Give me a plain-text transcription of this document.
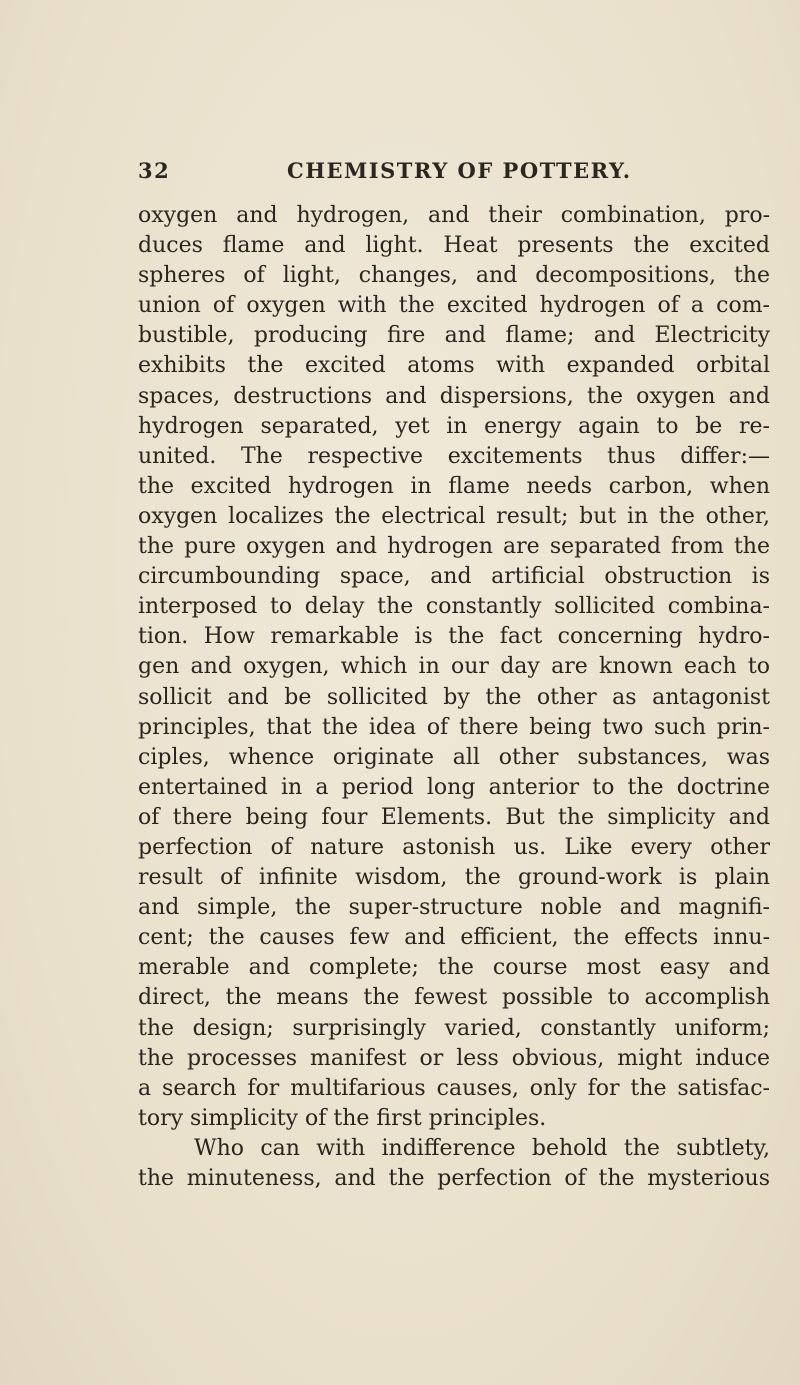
32	CHEMISTRY OF POTTERY.
oxygen and hydrogen, and their combination, pro-
duces flame and light. Heat presents the excited
spheres of light, changes, and decompositions, the
union of oxygen with the excited hydrogen of a com-
bustible, producing fire and flame; and Electricity
exhibits the excited atoms with expanded orbital
spaces, destructions and dispersions, the oxygen and
hydrogen separated, yet in energy again to be re-
united. The respective excitements thus differ:—
the excited hydrogen in flame needs carbon, when
oxygen localizes the electrical result; but in the other,
the pure oxygen and hydrogen are separated from the
circumbounding space, and artificial obstruction is
interposed to delay the constantly sollicited combina-
tion. How remarkable is the fact concerning hydro-
gen and oxygen, which in our day are known each to
sollicit and be sollicited by the other as antagonist
principles, that the idea of there being two such prin-
ciples, whence originate all other substances, was
entertained in a period long anterior to the doctrine
of there being four Elements. But the simplicity and
perfection of nature astonish us. Like every other
result of infinite wisdom, the ground-work is plain
and simple, the super-structure noble and magnifi-
cent; the causes few and efficient, the effects innu-
merable and complete; the course most easy and
direct, the means the fewest possible to accomplish
the design; surprisingly varied, constantly uniform;
the processes manifest or less obvious, might induce
a search for multifarious causes, only for the satisfac-
tory simplicity of the first principles.
Who can with indifference behold the subtlety,
the minuteness, and the perfection of the mysterious
